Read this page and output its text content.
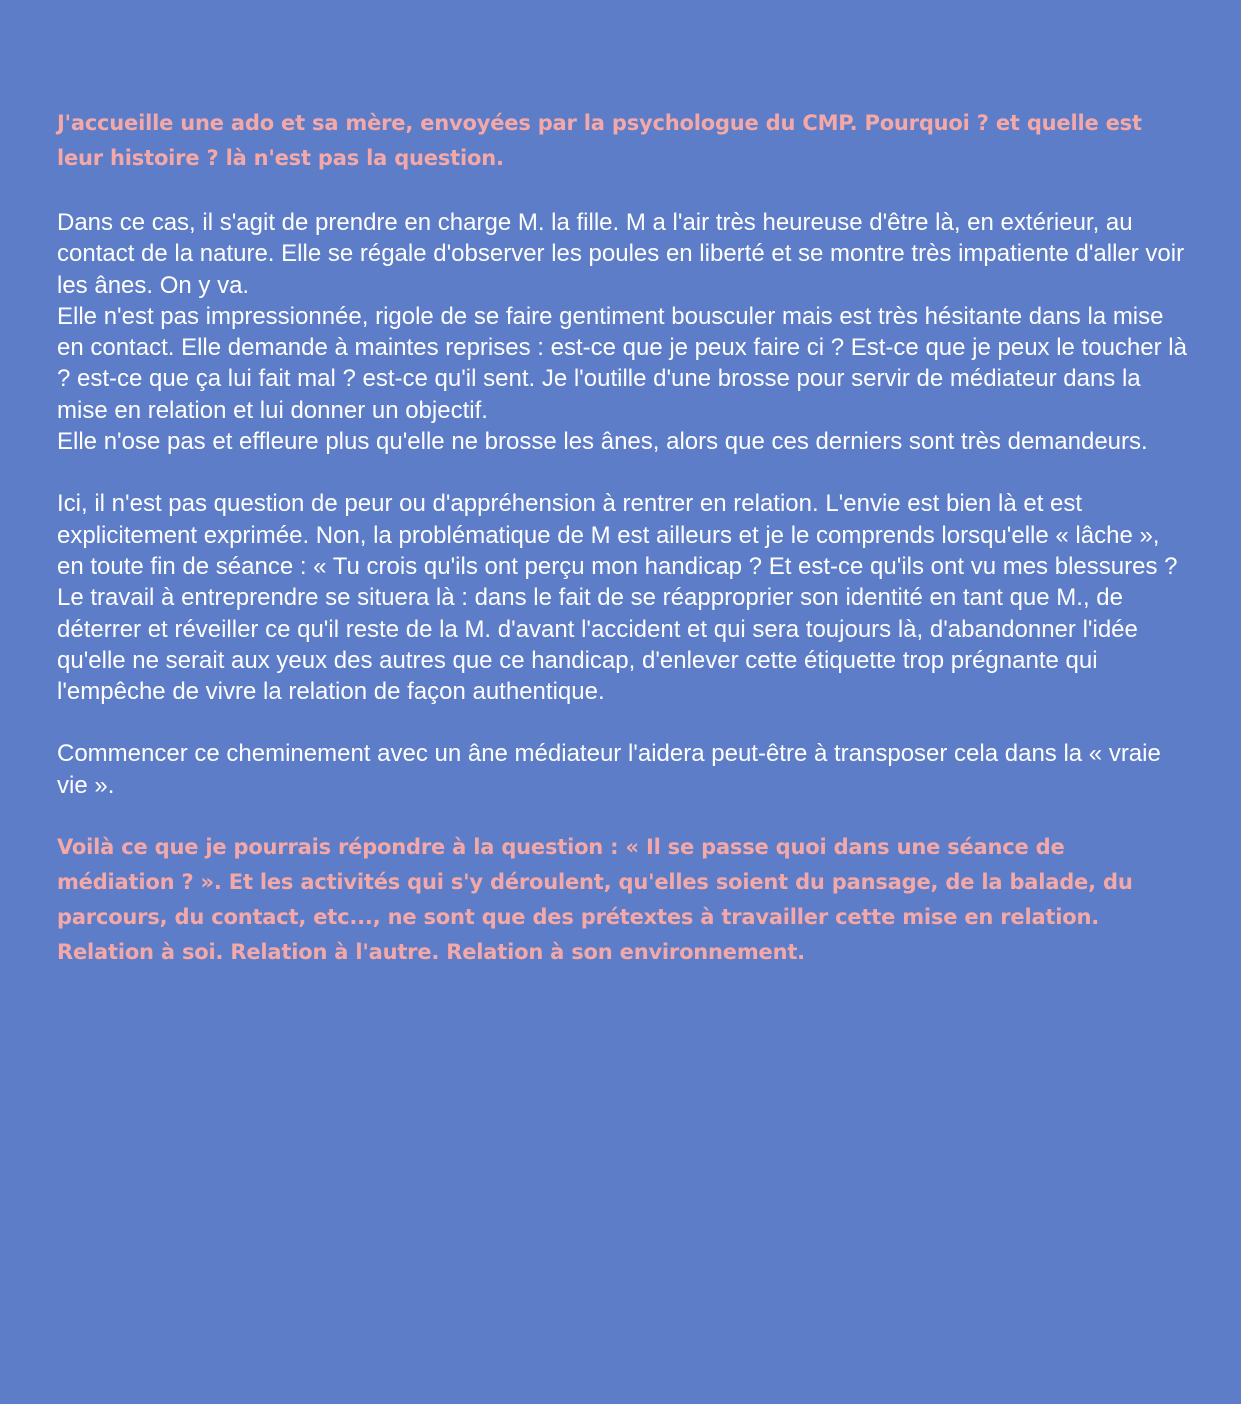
J'accueille une ado et sa mère, envoyées par la psychologue du CMP. Pourquoi ? et quelle est leur histoire ? là n'est pas la question.

Dans ce cas, il s'agit de prendre en charge M. la fille. M a l'air très heureuse d'être là, en extérieur, au contact de la nature. Elle se régale d'observer les poules en liberté et se montre très impatiente d'aller voir les ânes. On y va.

Elle n'est pas impressionnée, rigole de se faire gentiment bousculer mais est très hésitante dans la mise en contact. Elle demande à maintes reprises : est-ce que je peux faire ci ? Est-ce que je peux le toucher là ? est-ce que ça lui fait mal ? est-ce qu'il sent. Je l'outille d'une brosse pour servir de médiateur dans la mise en relation et lui donner un objectif.

Elle n'ose pas et effleure plus qu'elle ne brosse les ânes, alors que ces derniers sont très demandeurs.

Ici, il n'est pas question de peur ou d'appréhension à rentrer en relation. L'envie est bien là et est explicitement exprimée. Non, la problématique de M est ailleurs et je le comprends lorsqu'elle « lâche », en toute fin de séance : « Tu crois qu'ils ont perçu mon handicap ? Et est-ce qu'ils ont vu mes blessures ?

Le travail à entreprendre se situera là : dans le fait de se réapproprier son identité en tant que M., de déterrer et réveiller ce qu'il reste de la M. d'avant l'accident et qui sera toujours là, d'abandonner l'idée qu'elle ne serait aux yeux des autres que ce handicap, d'enlever cette étiquette trop prégnante qui l'empêche de vivre la relation de façon authentique.

Commencer ce cheminement avec un âne médiateur l'aidera peut-être à transposer cela dans la « vraie vie ».

Voilà ce que je pourrais répondre à la question : « Il se passe quoi dans une séance de médiation ? ». Et les activités qui s'y déroulent, qu'elles soient du pansage, de la balade, du parcours, du contact, etc..., ne sont que des prétextes à travailler cette mise en relation. Relation à soi. Relation à l'autre. Relation à son environnement.
